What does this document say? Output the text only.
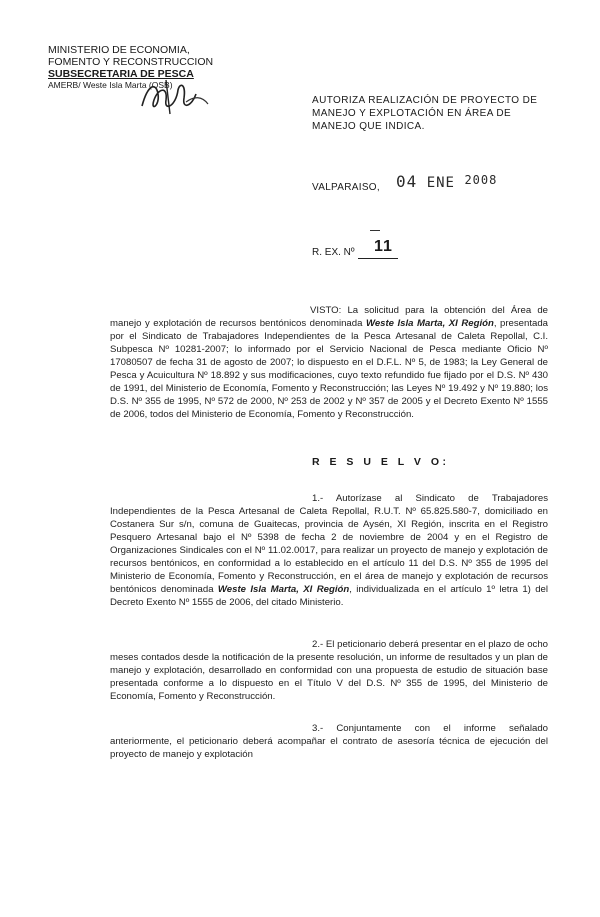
MINISTERIO DE ECONOMIA,
FOMENTO Y RECONSTRUCCION
SUBSECRETARIA DE PESCA
AMERB/ Weste Isla Marta (OSB)
AUTORIZA REALIZACIÓN DE PROYECTO DE MANEJO Y EXPLOTACIÓN EN ÁREA DE MANEJO QUE INDICA.
VALPARAISO, 04 ENE 2008
R. EX. Nº 11

VISTO: La solicitud para la obtención del Área de manejo y explotación de recursos bentónicos denominada Weste Isla Marta, XI Región, presentada por el Sindicato de Trabajadores Independientes de la Pesca Artesanal de Caleta Repollal, C.I. Subpesca Nº 10281-2007; lo informado por el Servicio Nacional de Pesca mediante Oficio Nº 17080507 de fecha 31 de agosto de 2007; lo dispuesto en el D.F.L. Nº 5, de 1983; la Ley General de Pesca y Acuicultura Nº 18.892 y sus modificaciones, cuyo texto refundido fue fijado por el D.S. Nº 430 de 1991, del Ministerio de Economía, Fomento y Reconstrucción; las Leyes Nº 19.492 y Nº 19.880; los D.S. Nº 355 de 1995, Nº 572 de 2000, Nº 253 de 2002 y Nº 357 de 2005 y el Decreto Exento Nº 1555 de 2006, todos del Ministerio de Economía, Fomento y Reconstrucción.

R E S U E L V O:

1.- Autorízase al Sindicato de Trabajadores Independientes de la Pesca Artesanal de Caleta Repollal, R.U.T. Nº 65.825.580-7, domiciliado en Costanera Sur s/n, comuna de Guaitecas, provincia de Aysén, XI Región, inscrita en el Registro Pesquero Artesanal bajo el Nº 5398 de fecha 2 de noviembre de 2004 y en el Registro de Organizaciones Sindicales con el Nº 11.02.0017, para realizar un proyecto de manejo y explotación de recursos bentónicos, en conformidad a lo establecido en el artículo 11 del D.S. Nº 355 de 1995 del Ministerio de Economía, Fomento y Reconstrucción, en el área de manejo y explotación de recursos bentónicos denominada Weste Isla Marta, XI Región, individualizada en el artículo 1º letra 1) del Decreto Exento Nº 1555 de 2006, del citado Ministerio.

2.- El peticionario deberá presentar en el plazo de ocho meses contados desde la notificación de la presente resolución, un informe de resultados y un plan de manejo y explotación, desarrollado en conformidad con una propuesta de estudio de situación base presentada conforme a lo dispuesto en el Título V del D.S. Nº 355 de 1995, del Ministerio de Economía, Fomento y Reconstrucción.

3.- Conjuntamente con el informe señalado anteriormente, el peticionario deberá acompañar el contrato de asesoría técnica de ejecución del proyecto de manejo y explotación
